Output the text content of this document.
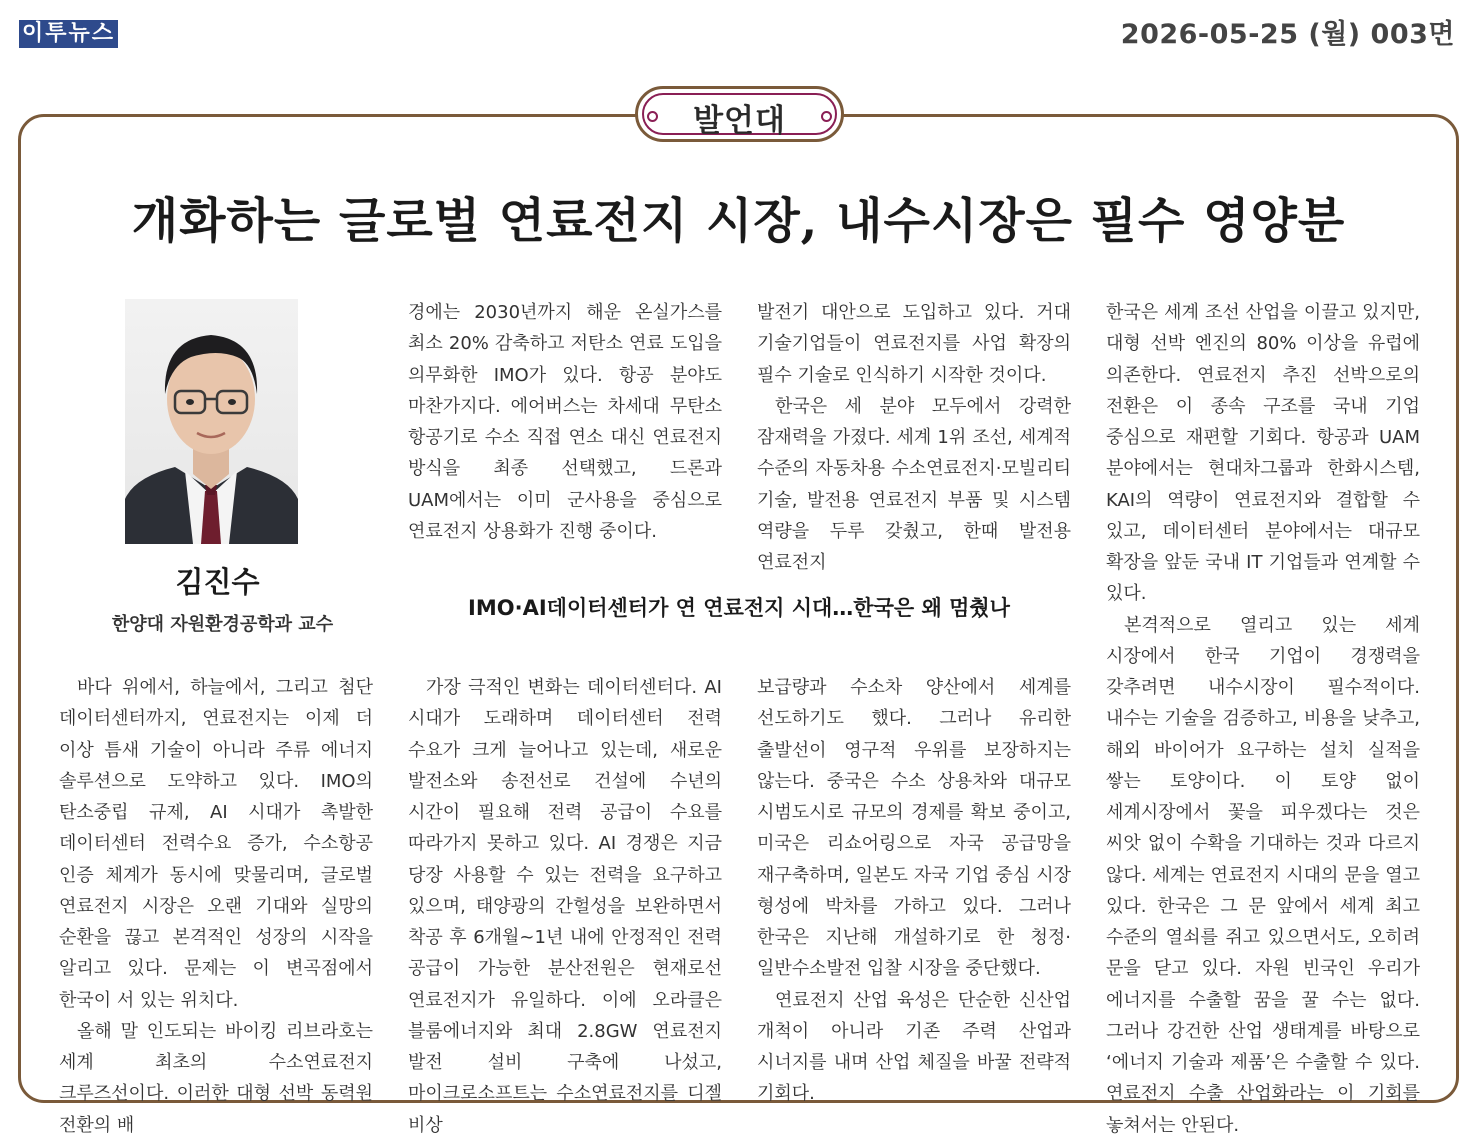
이투뉴스	2026-05-25 (월) 003면
발언대
개화하는 글로벌 연료전지 시장, 내수시장은 필수 영양분
김진수
한양대 자원환경공학과 교수
IMO·AI데이터센터가 연 연료전지 시대…한국은 왜 멈췄나

경에는 2030년까지 해운 온실가스를 최소 20% 감축하고 저탄소 연료 도입을 의무화한 IMO가 있다. 항공 분야도 마찬가지다. 에어버스는 차세대 무탄소 항공기로 수소 직접 연소 대신 연료전지 방식을 최종 선택했고, 드론과 UAM에서는 이미 군사용을 중심으로 연료전지 상용화가 진행 중이다.

발전기 대안으로 도입하고 있다. 거대 기술기업들이 연료전지를 사업 확장의 필수 기술로 인식하기 시작한 것이다.

한국은 세 분야 모두에서 강력한 잠재력을 가졌다. 세계 1위 조선, 세계적 수준의 자동차용 수소연료전지·모빌리티 기술, 발전용 연료전지 부품 및 시스템 역량을 두루 갖췄고, 한때 발전용 연료전지

바다 위에서, 하늘에서, 그리고 첨단 데이터센터까지, 연료전지는 이제 더 이상 틈새 기술이 아니라 주류 에너지 솔루션으로 도약하고 있다. IMO의 탄소중립 규제, AI 시대가 촉발한 데이터센터 전력수요 증가, 수소항공 인증 체계가 동시에 맞물리며, 글로벌 연료전지 시장은 오랜 기대와 실망의 순환을 끊고 본격적인 성장의 시작을 알리고 있다. 문제는 이 변곡점에서 한국이 서 있는 위치다.

올해 말 인도되는 바이킹 리브라호는 세계 최초의 수소연료전지 크루즈선이다. 이러한 대형 선박 동력원 전환의 배

가장 극적인 변화는 데이터센터다. AI 시대가 도래하며 데이터센터 전력 수요가 크게 늘어나고 있는데, 새로운 발전소와 송전선로 건설에 수년의 시간이 필요해 전력 공급이 수요를 따라가지 못하고 있다. AI 경쟁은 지금 당장 사용할 수 있는 전력을 요구하고 있으며, 태양광의 간헐성을 보완하면서 착공 후 6개월~1년 내에 안정적인 전력 공급이 가능한 분산전원은 현재로선 연료전지가 유일하다. 이에 오라클은 블룸에너지와 최대 2.8GW 연료전지 발전 설비 구축에 나섰고, 마이크로소프트는 수소연료전지를 디젤 비상

보급량과 수소차 양산에서 세계를 선도하기도 했다. 그러나 유리한 출발선이 영구적 우위를 보장하지는 않는다. 중국은 수소 상용차와 대규모 시범도시로 규모의 경제를 확보 중이고, 미국은 리쇼어링으로 자국 공급망을 재구축하며, 일본도 자국 기업 중심 시장 형성에 박차를 가하고 있다. 그러나 한국은 지난해 개설하기로 한 청정·일반수소발전 입찰 시장을 중단했다.

연료전지 산업 육성은 단순한 신산업 개척이 아니라 기존 주력 산업과 시너지를 내며 산업 체질을 바꿀 전략적 기회다.

한국은 세계 조선 산업을 이끌고 있지만, 대형 선박 엔진의 80% 이상을 유럽에 의존한다. 연료전지 추진 선박으로의 전환은 이 종속 구조를 국내 기업 중심으로 재편할 기회다. 항공과 UAM 분야에서는 현대차그룹과 한화시스템, KAI의 역량이 연료전지와 결합할 수 있고, 데이터센터 분야에서는 대규모 확장을 앞둔 국내 IT 기업들과 연계할 수 있다.

본격적으로 열리고 있는 세계 시장에서 한국 기업이 경쟁력을 갖추려면 내수시장이 필수적이다. 내수는 기술을 검증하고, 비용을 낮추고, 해외 바이어가 요구하는 설치 실적을 쌓는 토양이다. 이 토양 없이 세계시장에서 꽃을 피우겠다는 것은 씨앗 없이 수확을 기대하는 것과 다르지 않다. 세계는 연료전지 시대의 문을 열고 있다. 한국은 그 문 앞에서 세계 최고 수준의 열쇠를 쥐고 있으면서도, 오히려 문을 닫고 있다. 자원 빈국인 우리가 에너지를 수출할 꿈을 꿀 수는 없다. 그러나 강건한 산업 생태계를 바탕으로 ‘에너지 기술과 제품’은 수출할 수 있다. 연료전지 수출 산업화라는 이 기회를 놓쳐서는 안된다.
